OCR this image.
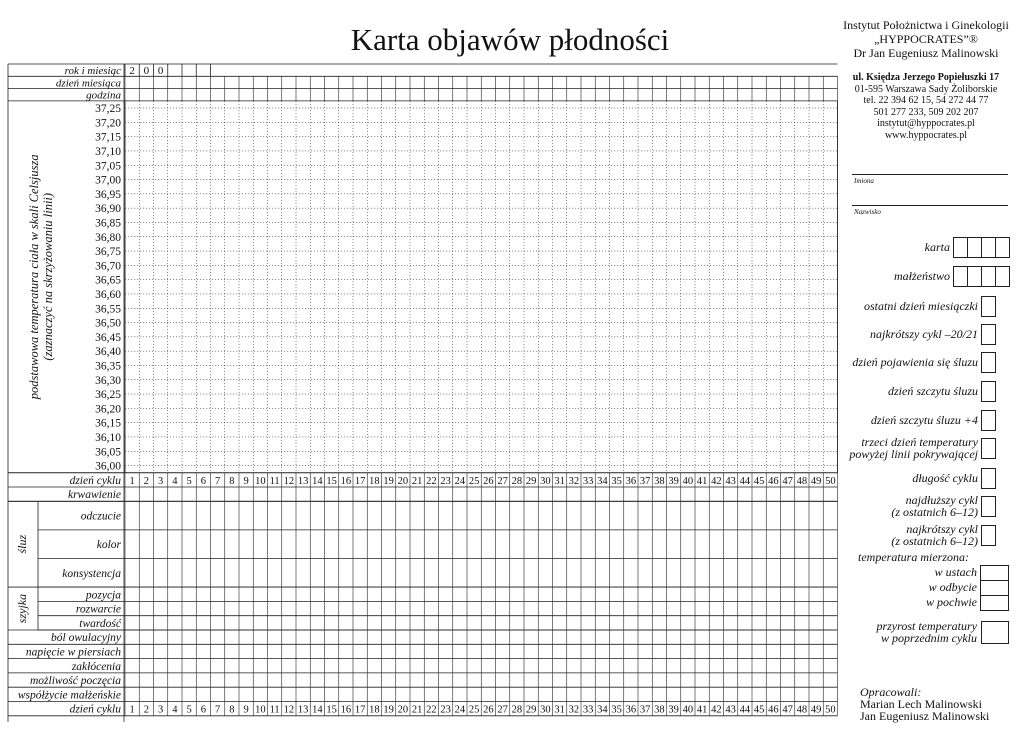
rok i miesiąc
dzień miesiąca
godzina
2 0 0
37,25
37,20
37,15
37,10
37,05
37,00
36,95
36,90
36,85
36,80
36,75
36,70
36,65
36,60
36,55
36,50
36,45
36,40
36,35
36,30
36,25
36,20
36,15
36,10
36,05
36,00
podstawowa temperatura ciała w skali Celsjusza (zaznaczyć na skrzyżowaniu linii)
dzień cyklu 1 2 3 4 5 6 7 8 9 10 11 12 13 14 15 16 17 18 19 20 21 22 23 24 25 26 27 28 29 30 31 32 33 34 35 36 37 38 39 40 41 42 43 44 45 46 47 48 49 50
krwawienie
odczucie
kolor
konsystencja
pozycja
rozwarcie
twardość
ból owulacyjny
napięcie w piersiach
zakłócenia
możliwość poczęcia
współżycie małżeńskie
dzień cyklu 1 2 3 4 5 6 7 8 9 10 11 12 13 14 15 16 17 18 19 20 21 22 23 24 25 26 27 28 29 30 31 32 33 34 35 36 37 38 39 40 41 42 43 44 45 46 47 48 49 50
śluz
szyjka
Karta objawów płodności	Instytut Położnictwa i Ginekologii
„HYPPOCRATES”®
Dr Jan Eugeniusz Malinowski
ul. Księdza Jerzego Popiełuszki 17
01-595 Warszawa Sady Żoliborskie
tel. 22 394 62 15, 54 272 44 77
501 277 233, 509 202 207
instytut@hyppocrates.pl
www.hyppocrates.pl
Imiona
Nazwisko
karta
małżeństwo
ostatni dzień miesiączki
najkrótszy cykl –20/21
dzień pojawienia się śluzu
dzień szczytu śluzu
dzień szczytu śluzu +4
trzeci dzień temperatury
powyżej linii pokrywającej
długość cyklu
najdłuższy cykl
(z ostatnich 6–12)
najkrótszy cykl
(z ostatnich 6–12)
temperatura mierzona:
w ustach
w odbycie
w pochwie
przyrost temperatury
w poprzednim cyklu
Opracowali:
Marian Lech Malinowski
Jan Eugeniusz Malinowski
